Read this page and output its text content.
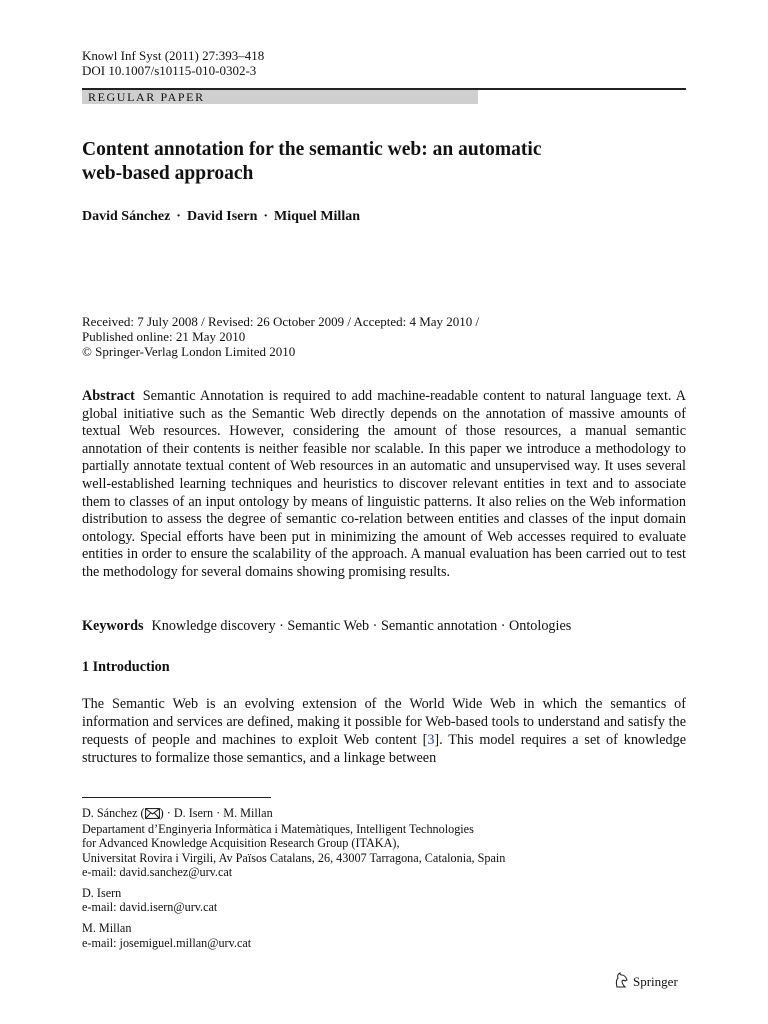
Knowl Inf Syst (2011) 27:393–418
DOI 10.1007/s10115-010-0302-3
REGULAR PAPER
Content annotation for the semantic web: an automatic
web-based approach
David Sánchez · David Isern · Miquel Millan
Received: 7 July 2008 / Revised: 26 October 2009 / Accepted: 4 May 2010 /
Published online: 21 May 2010
© Springer-Verlag London Limited 2010
Abstract Semantic Annotation is required to add machine-readable content to natural language text. A global initiative such as the Semantic Web directly depends on the annotation of massive amounts of textual Web resources. However, considering the amount of those resources, a manual semantic annotation of their contents is neither feasible nor scalable. In this paper we introduce a methodology to partially annotate textual content of Web resources in an automatic and unsupervised way. It uses several well-established learning techniques and heuristics to discover relevant entities in text and to associate them to classes of an input ontology by means of linguistic patterns. It also relies on the Web information distribution to assess the degree of semantic co-relation between entities and classes of the input domain ontology. Special efforts have been put in minimizing the amount of Web accesses required to evaluate entities in order to ensure the scalability of the approach. A manual evaluation has been carried out to test the methodology for several domains showing promising results.
Keywords Knowledge discovery · Semantic Web · Semantic annotation · Ontologies
1 Introduction
The Semantic Web is an evolving extension of the World Wide Web in which the semantics of information and services are defined, making it possible for Web-based tools to understand and satisfy the requests of people and machines to exploit Web content [3]. This model requires a set of knowledge structures to formalize those semantics, and a linkage between
D. Sánchez ( ) · D. Isern · M. Millan
Departament d’Enginyeria Informàtica i Matemàtiques, Intelligent Technologies
for Advanced Knowledge Acquisition Research Group (ITAKA),
Universitat Rovira i Virgili, Av Països Catalans, 26, 43007 Tarragona, Catalonia, Spain
e-mail: david.sanchez@urv.cat
D. Isern
e-mail: david.isern@urv.cat
M. Millan
e-mail: josemiguel.millan@urv.cat
Springer
